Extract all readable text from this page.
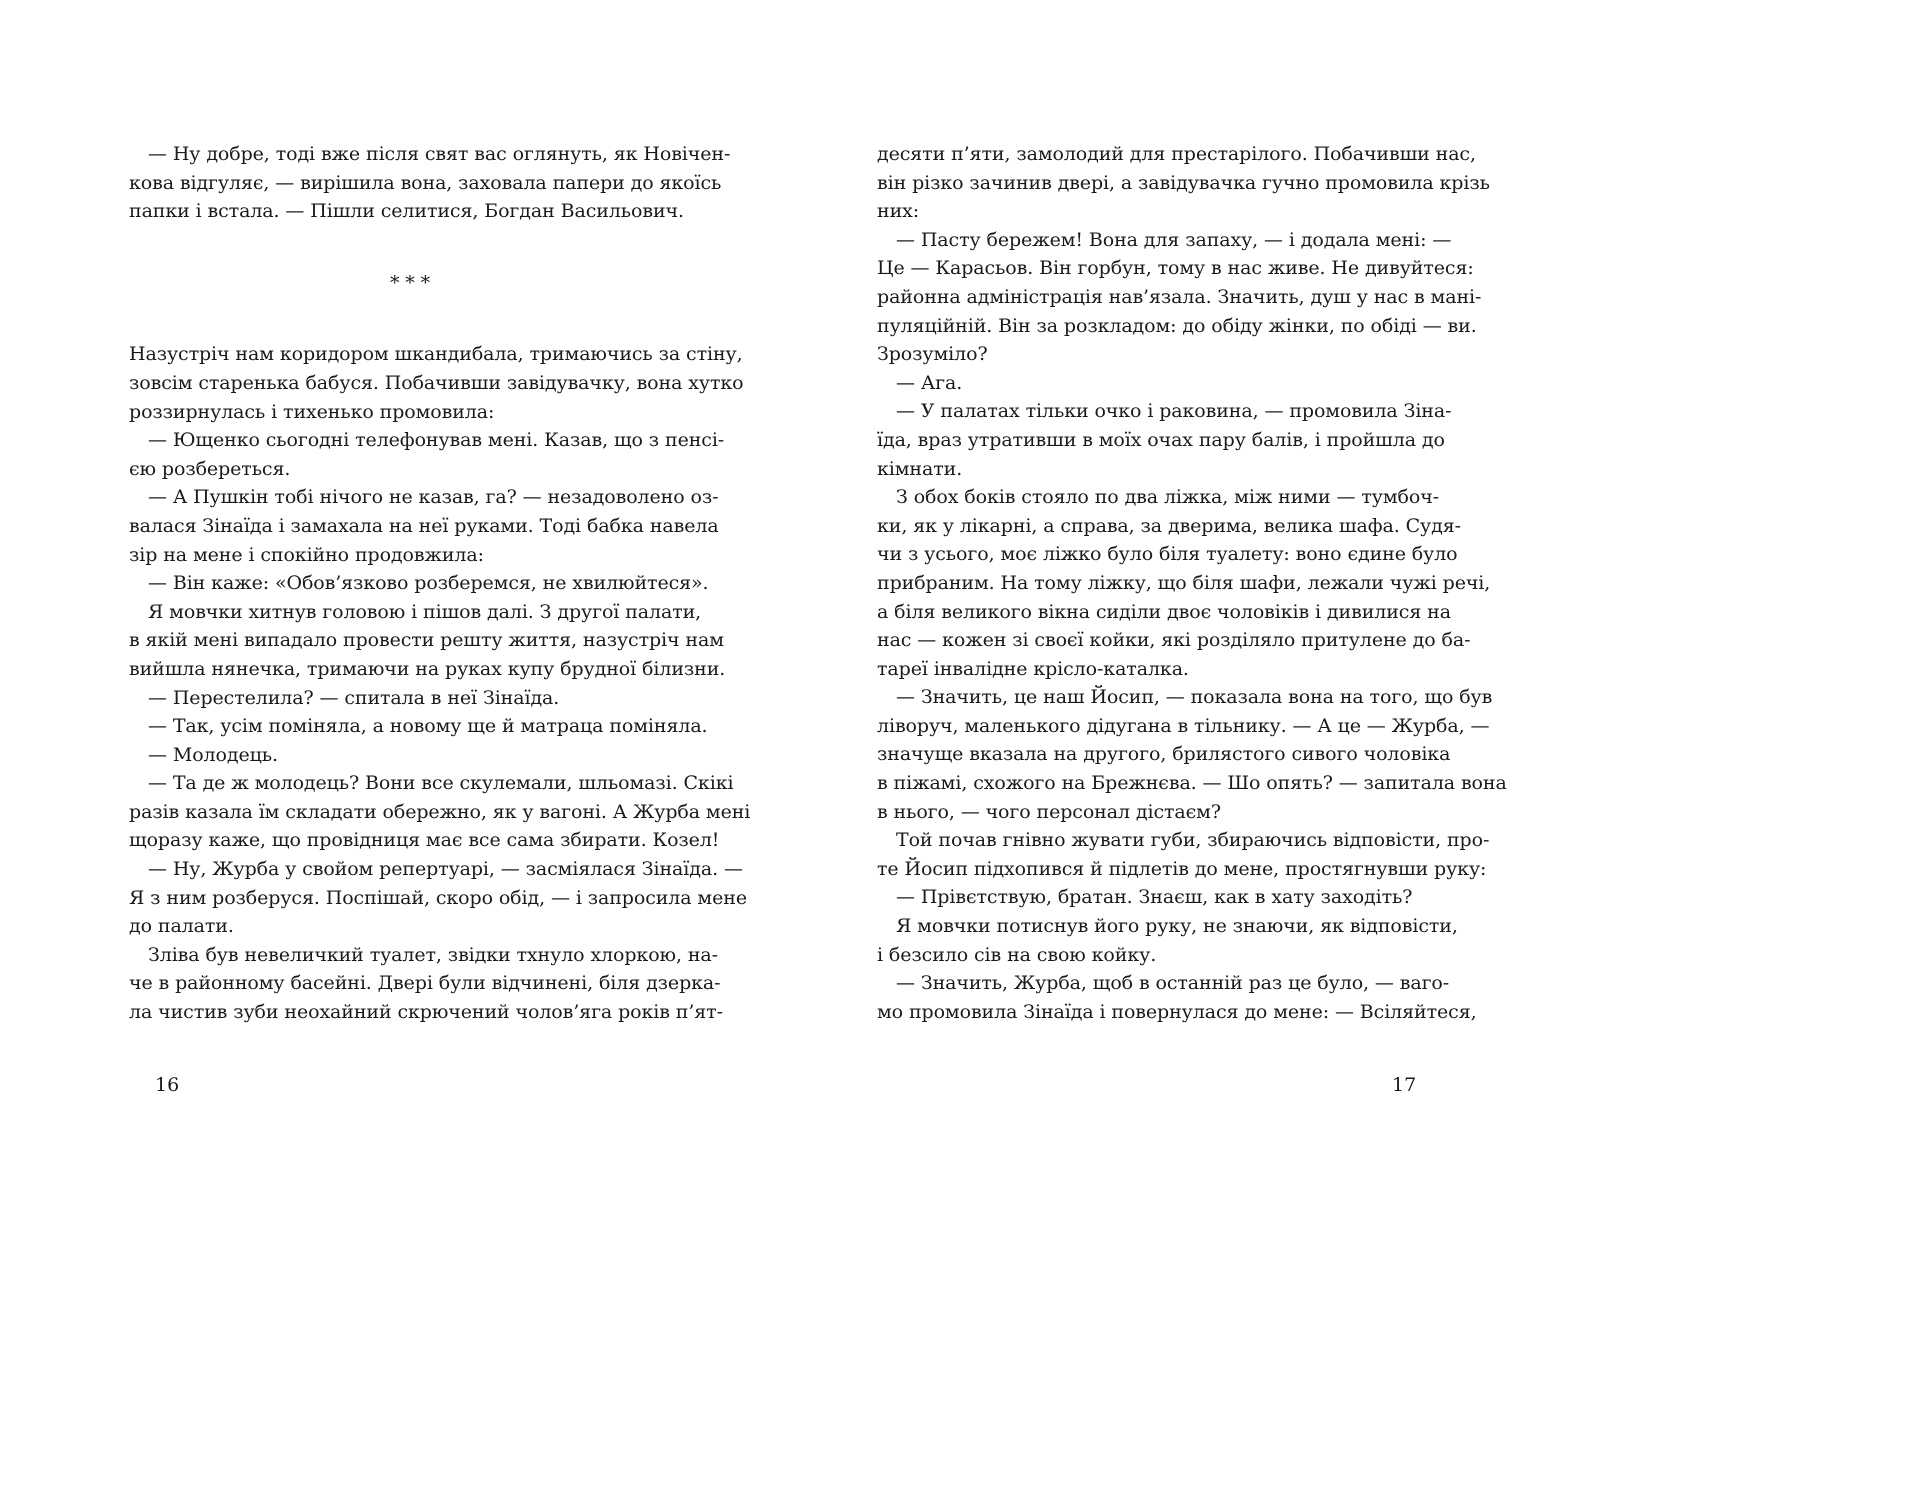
— Ну добре, тоді вже після свят вас оглянуть, як Новічен-
кова відгуляє, — вирішила вона, заховала папери до якоїсь
папки і встала. — Пішли селитися, Богдан Васильович.
* * *
Назустріч нам коридором шкандибала, тримаючись за стіну,
зовсім старенька бабуся. Побачивши завідувачку, вона хутко
роззирнулась і тихенько промовила:
— Ющенко сьогодні телефонував мені. Казав, що з пенсі-
єю розбереться.
— А Пушкін тобі нічого не казав, га? — незадоволено оз-
валася Зінаїда і замахала на неї руками. Тоді бабка навела
зір на мене і спокійно продовжила:
— Він каже: «Обов’язково розберемся, не хвилюйтеся».
Я мовчки хитнув головою і пішов далі. З другої палати,
в якій мені випадало провести решту життя, назустріч нам
вийшла нянечка, тримаючи на руках купу брудної білизни.
— Перестелила? — спитала в неї Зінаїда.
— Так, усім поміняла, а новому ще й матраца поміняла.
— Молодець.
— Та де ж молодець? Вони все скулемали, шльомазі. Скікі
разів казала їм складати обережно, як у вагоні. А Журба мені
щоразу каже, що провідниця має все сама збирати. Козел!
— Ну, Журба у свойом репертуарі, — засміялася Зінаїда. —
Я з ним розберуся. Поспішай, скоро обід, — і запросила мене
до палати.
Зліва був невеличкий туалет, звідки тхнуло хлоркою, на-
че в районному басейні. Двері були відчинені, біля дзерка-
ла чистив зуби неохайний скрючений чолов’яга років п’ят-
16
десяти п’яти, замолодий для престарілого. Побачивши нас,
він різко зачинив двері, а завідувачка гучно промовила крізь
них:
— Пасту бережем! Вона для запаху, — і додала мені: —
Це — Карасьов. Він горбун, тому в нас живе. Не дивуйтеся:
районна адміністрація нав’язала. Значить, душ у нас в мані-
пуляційній. Він за розкладом: до обіду жінки, по обіді — ви.
Зрозуміло?
— Ага.
— У палатах тільки очко і раковина, — промовила Зіна-
їда, враз утративши в моїх очах пару балів, і пройшла до
кімнати.
З обох боків стояло по два ліжка, між ними — тумбоч-
ки, як у лікарні, а справа, за дверима, велика шафа. Судя-
чи з усього, моє ліжко було біля туалету: воно єдине було
прибраним. На тому ліжку, що біля шафи, лежали чужі речі,
а біля великого вікна сиділи двоє чоловіків і дивилися на
нас — кожен зі своєї койки, які розділяло притулене до ба-
тареї інвалідне крісло-каталка.
— Значить, це наш Йосип, — показала вона на того, що був
ліворуч, маленького дідугана в тільнику. — А це — Журба, —
значуще вказала на другого, брилястого сивого чоловіка
в піжамі, схожого на Брежнєва. — Шо опять? — запитала вона
в нього, — чого персонал дістаєм?
Той почав гнівно жувати губи, збираючись відповісти, про-
те Йосип підхопився й підлетів до мене, простягнувши руку:
— Прівєтствую, братан. Знаєш, как в хату заходіть?
Я мовчки потиснув його руку, не знаючи, як відповісти,
і безсило сів на свою койку.
— Значить, Журба, щоб в останній раз це було, — ваго-
мо промовила Зінаїда і повернулася до мене: — Всіляйтеся,
17
